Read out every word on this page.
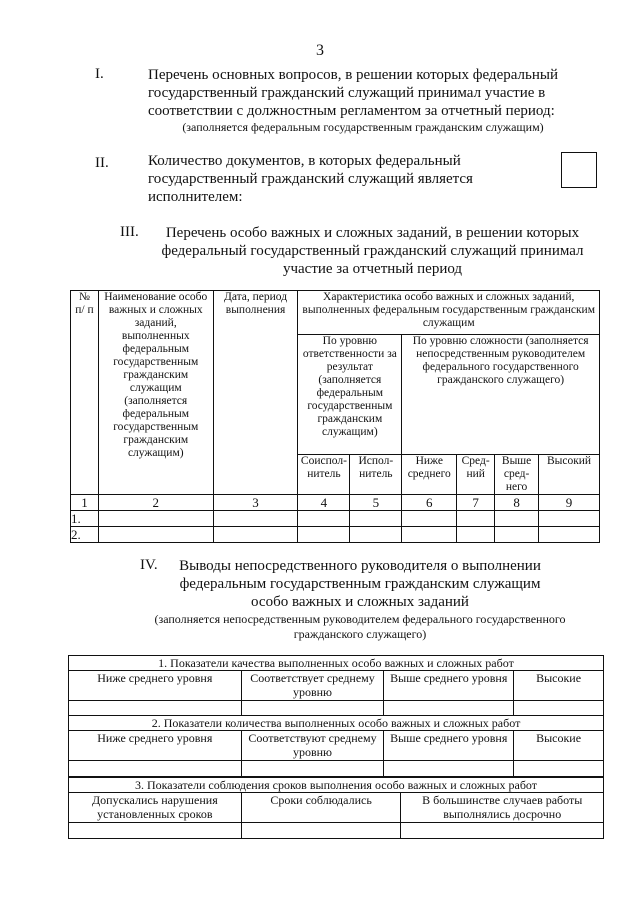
3
I.	Перечень основных вопросов, в решении которых федеральный
государственный гражданский служащий принимал участие в
соответствии с должностным регламентом за отчетный период:
(заполняется федеральным государственным гражданским служащим)
II.	Количество документов, в которых федеральный
государственный гражданский служащий является
исполнителем:
III.	Перечень особо важных и сложных заданий, в решении которых
федеральный государственный гражданский служащий принимал
участие за отчетный период
№ п/ п	Наименование особо важных и сложных заданий, выполненных федеральным государственным гражданским служащим (заполняется федеральным государственным гражданским служащим)	Дата, период выполнения	Характеристика особо важных и сложных заданий, выполненных федеральным государственным гражданским служащим					
			По уровню ответственности за результат (заполняется федеральным государственным гражданским служащим)		По уровню сложности (заполняется непосредственным руководителем федерального государственного гражданского служащего)			
			Соиспол-нитель	Испол-нитель	Ниже среднего	Сред-ний	Выше сред-него	Высокий
1	2	3	4	5	6	7	8	9
1.								
2.								
IV.	Выводы непосредственного руководителя о выполнении
федеральным государственным гражданским служащим
особо важных и сложных заданий
(заполняется непосредственным руководителем федерального государственного
гражданского служащего)
1. Показатели качества выполненных особо важных и сложных работ			
Ниже среднего уровня	Соответствует среднему уровню	Выше среднего уровня	Высокие

2. Показатели количества выполненных особо важных и сложных работ			
Ниже среднего уровня	Соответствуют среднему уровню	Выше среднего уровня	Высокие

3. Показатели соблюдения сроков выполнения особо важных и сложных работ		
Допускались нарушения установленных сроков	Сроки соблюдались	В большинстве случаев работы выполнялись досрочно
